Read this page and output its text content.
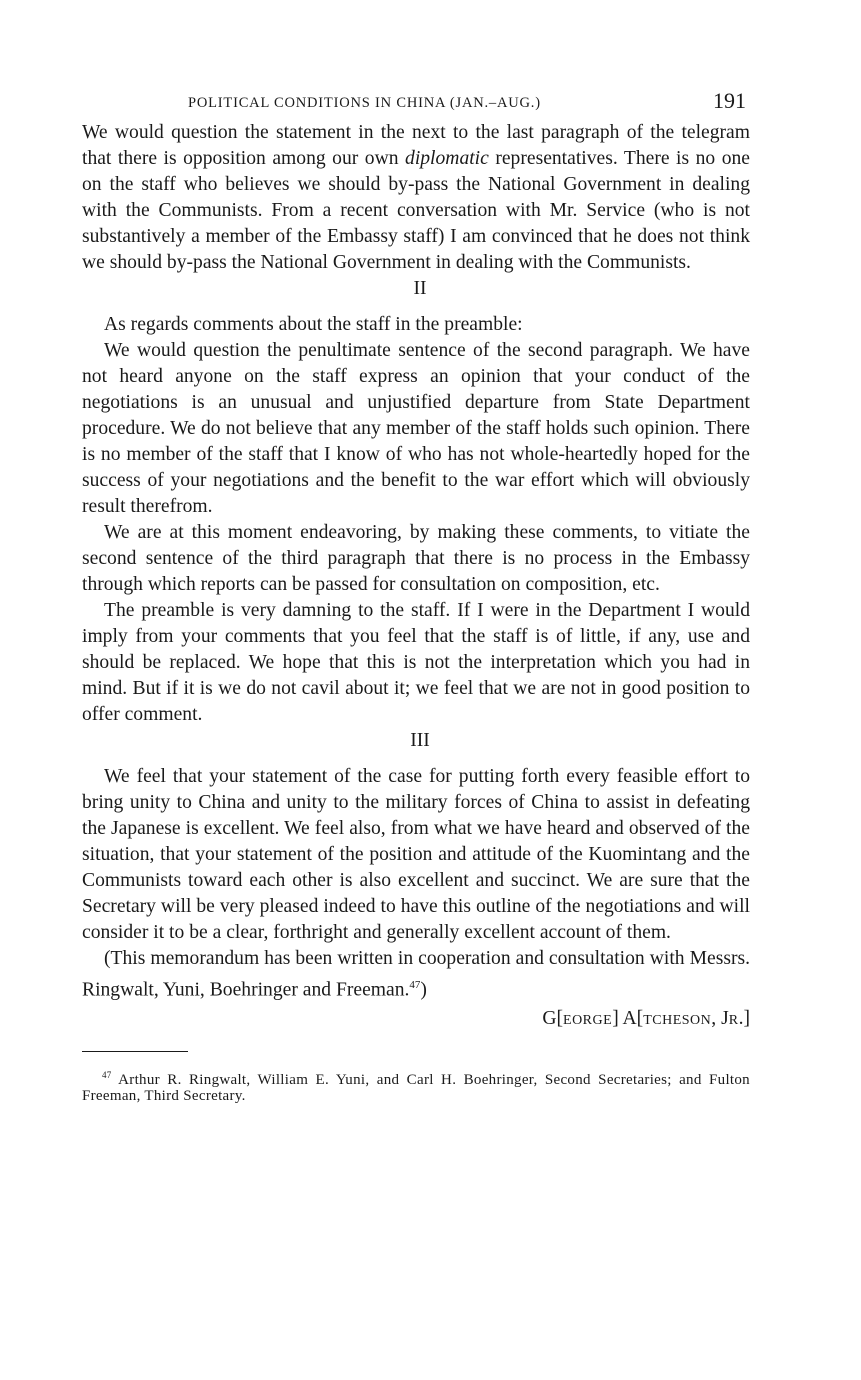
POLITICAL CONDITIONS IN CHINA (JAN.–AUG.)	191

We would question the statement in the next to the last paragraph of the telegram that there is opposition among our own diplomatic representatives. There is no one on the staff who believes we should by-pass the National Government in dealing with the Communists. From a recent conversation with Mr. Service (who is not substantively a member of the Embassy staff) I am convinced that he does not think we should by-pass the National Government in dealing with the Communists.

II

As regards comments about the staff in the preamble:

We would question the penultimate sentence of the second paragraph. We have not heard anyone on the staff express an opinion that your conduct of the negotiations is an unusual and unjustified departure from State Department procedure. We do not believe that any member of the staff holds such opinion. There is no member of the staff that I know of who has not whole-heartedly hoped for the success of your negotiations and the benefit to the war effort which will obviously result therefrom.

We are at this moment endeavoring, by making these comments, to vitiate the second sentence of the third paragraph that there is no process in the Embassy through which reports can be passed for consultation on composition, etc.

The preamble is very damning to the staff. If I were in the Department I would imply from your comments that you feel that the staff is of little, if any, use and should be replaced. We hope that this is not the interpretation which you had in mind. But if it is we do not cavil about it; we feel that we are not in good position to offer comment.

III

We feel that your statement of the case for putting forth every feasible effort to bring unity to China and unity to the military forces of China to assist in defeating the Japanese is excellent. We feel also, from what we have heard and observed of the situation, that your statement of the position and attitude of the Kuomintang and the Communists toward each other is also excellent and succinct. We are sure that the Secretary will be very pleased indeed to have this outline of the negotiations and will consider it to be a clear, forthright and generally excellent account of them.

(This memorandum has been written in cooperation and consultation with Messrs. Ringwalt, Yuni, Boehringer and Freeman.$^{47}$)

G[EORGE] A[TCHESON, JR.]

$^{47}$ Arthur R. Ringwalt, William E. Yuni, and Carl H. Boehringer, Second Secretaries; and Fulton Freeman, Third Secretary.
